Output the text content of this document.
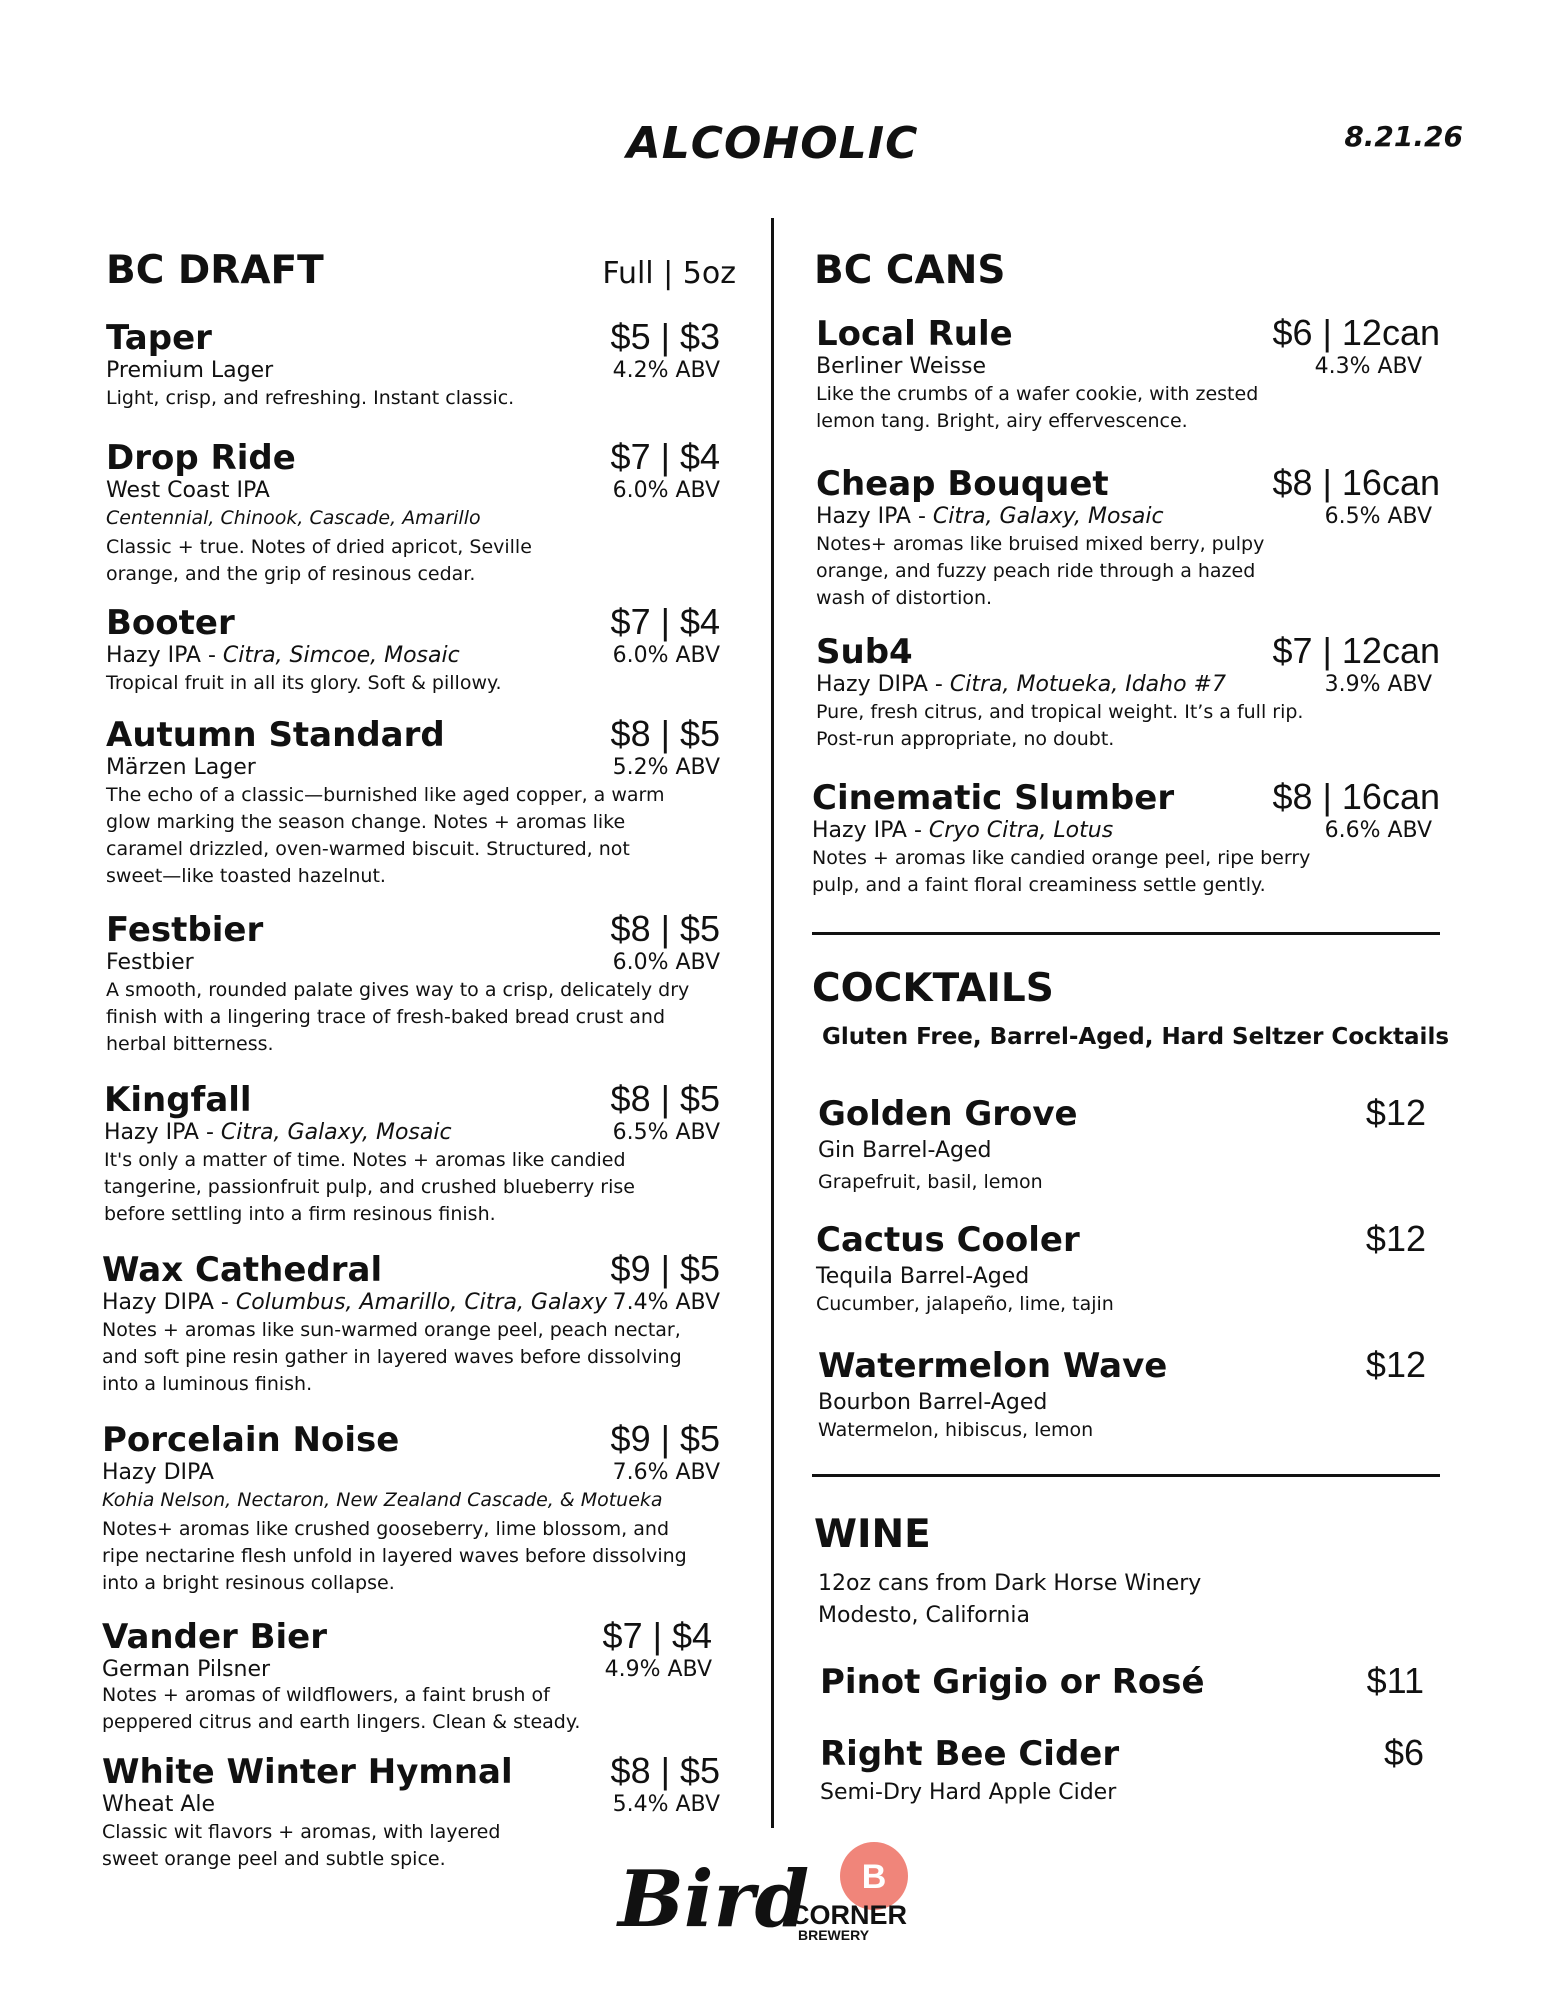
ALCOHOLIC	8.21.26
BC DRAFT	Full | 5oz
Taper	$5 | $3
Premium Lager	4.2% ABV
Light, crisp, and refreshing. Instant classic.
Drop Ride	$7 | $4
West Coast IPA	6.0% ABV
Centennial, Chinook, Cascade, Amarillo
Classic + true. Notes of dried apricot, Seville orange, and the grip of resinous cedar.
Booter	$7 | $4
Hazy IPA - Citra, Simcoe, Mosaic	6.0% ABV
Tropical fruit in all its glory. Soft & pillowy.
Autumn Standard	$8 | $5
Märzen Lager	5.2% ABV
The echo of a classic—burnished like aged copper, a warm glow marking the season change. Notes + aromas like caramel drizzled, oven-warmed biscuit. Structured, not sweet—like toasted hazelnut.
Festbier	$8 | $5
Festbier	6.0% ABV
A smooth, rounded palate gives way to a crisp, delicately dry finish with a lingering trace of fresh-baked bread crust and herbal bitterness.
Kingfall	$8 | $5
Hazy IPA - Citra, Galaxy, Mosaic	6.5% ABV
It's only a matter of time. Notes + aromas like candied tangerine, passionfruit pulp, and crushed blueberry rise before settling into a firm resinous finish.
Wax Cathedral	$9 | $5
Hazy DIPA - Columbus, Amarillo, Citra, Galaxy 7.4% ABV
Notes + aromas like sun-warmed orange peel, peach nectar, and soft pine resin gather in layered waves before dissolving into a luminous finish.
Porcelain Noise	$9 | $5
Hazy DIPA	7.6% ABV
Kohia Nelson, Nectaron, New Zealand Cascade, & Motueka
Notes+ aromas like crushed gooseberry, lime blossom, and ripe nectarine flesh unfold in layered waves before dissolving into a bright resinous collapse.
Vander Bier	$7 | $4
German Pilsner	4.9% ABV
Notes + aromas of wildflowers, a faint brush of peppered citrus and earth lingers. Clean & steady.
White Winter Hymnal	$8 | $5
Wheat Ale	5.4% ABV
Classic wit flavors + aromas, with layered sweet orange peel and subtle spice.
BC CANS
Local Rule	$6 | 12can
Berliner Weisse	4.3% ABV
Like the crumbs of a wafer cookie, with zested lemon tang. Bright, airy effervescence.
Cheap Bouquet	$8 | 16can
Hazy IPA - Citra, Galaxy, Mosaic	6.5% ABV
Notes+ aromas like bruised mixed berry, pulpy orange, and fuzzy peach ride through a hazed wash of distortion.
Sub4	$7 | 12can
Hazy DIPA - Citra, Motueka, Idaho #7	3.9% ABV
Pure, fresh citrus, and tropical weight. It’s a full rip. Post-run appropriate, no doubt.
Cinematic Slumber	$8 | 16can
Hazy IPA - Cryo Citra, Lotus	6.6% ABV
Notes + aromas like candied orange peel, ripe berry pulp, and a faint floral creaminess settle gently.
COCKTAILS
Gluten Free, Barrel-Aged, Hard Seltzer Cocktails
Golden Grove	$12
Gin Barrel-Aged
Grapefruit, basil, lemon
Cactus Cooler	$12
Tequila Barrel-Aged
Cucumber, jalapeño, lime, tajin
Watermelon Wave	$12
Bourbon Barrel-Aged
Watermelon, hibiscus, lemon
WINE
12oz cans from Dark Horse Winery
Modesto, California
Pinot Grigio or Rosé	$11
Right Bee Cider	$6
Semi-Dry Hard Apple Cider
B
Bird
CORNER
BREWERY
